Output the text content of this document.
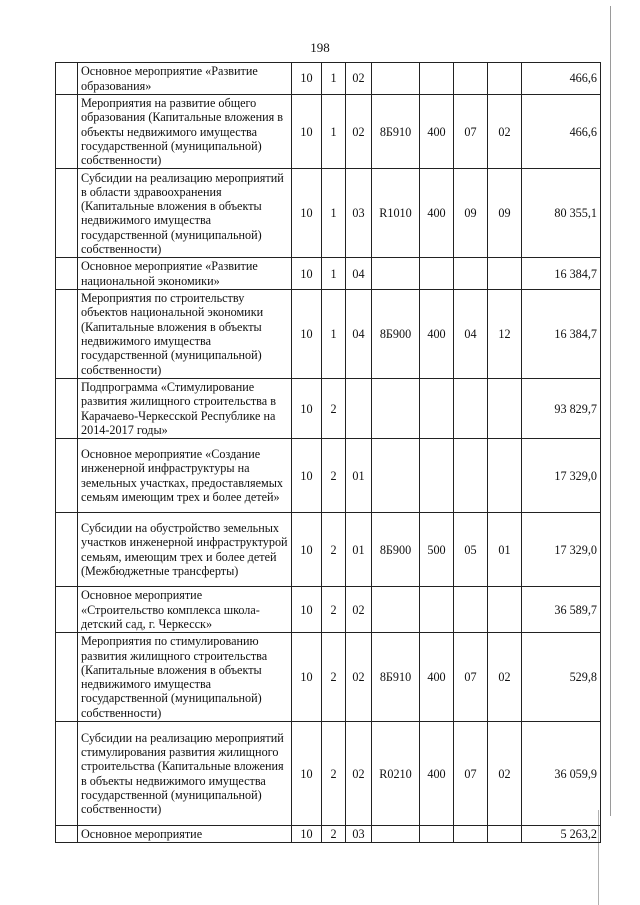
198
	Основное мероприятие «Развитие образования»	10	1	02					466,6
	Мероприятия на развитие общего образования (Капитальные вложения в объекты недвижимого имущества государственной (муниципальной) собственности)	10	1	02	8Б910	400	07	02	466,6
	Субсидии на реализацию мероприятий в области здравоохранения (Капитальные вложения в объекты недвижимого имущества государственной (муниципальной) собственности)	10	1	03	R1010	400	09	09	80 355,1
	Основное мероприятие «Развитие национальной экономики»	10	1	04					16 384,7
	Мероприятия по строительству объектов национальной экономики (Капитальные вложения в объекты недвижимого имущества государственной (муниципальной) собственности)	10	1	04	8Б900	400	04	12	16 384,7
	Подпрограмма «Стимулирование развития жилищного строительства в Карачаево-Черкесской Республике на 2014-2017 годы»	10	2						93 829,7
	Основное мероприятие «Создание инженерной инфраструктуры на земельных участках, предоставляемых семьям имеющим трех и более детей»	10	2	01					17 329,0
	Субсидии на обустройство земельных участков инженерной инфраструктурой семьям, имеющим трех и более детей (Межбюджетные трансферты)	10	2	01	8Б900	500	05	01	17 329,0
	Основное мероприятие «Строительство комплекса школа-детский сад, г. Черкесск»	10	2	02					36 589,7
	Мероприятия по стимулированию развития жилищного строительства (Капитальные вложения в объекты недвижимого имущества государственной (муниципальной) собственности)	10	2	02	8Б910	400	07	02	529,8
	Субсидии на реализацию мероприятий стимулирования развития жилищного строительства (Капитальные вложения в объекты недвижимого имущества государственной (муниципальной) собственности)	10	2	02	R0210	400	07	02	36 059,9
	Основное мероприятие	10	2	03					5 263,2
